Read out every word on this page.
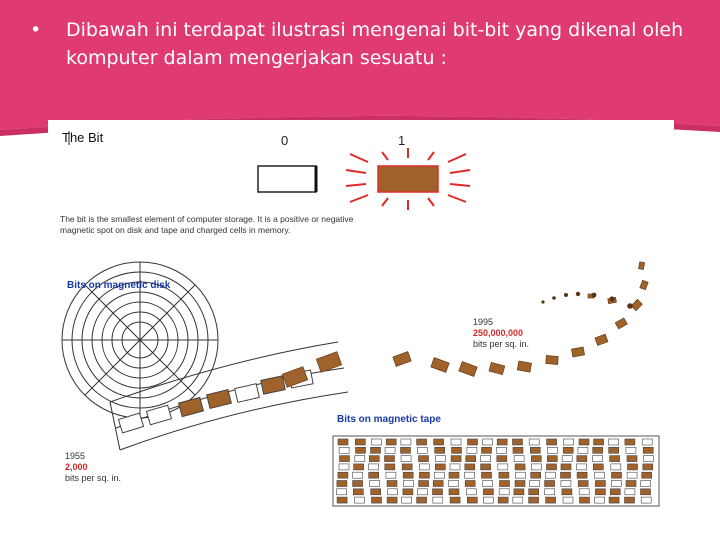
•	Dibawah ini terdapat ilustrasi mengenai bit-bit yang dikenal oleh komputer dalam mengerjakan sesuatu :
The Bit	0	1
The bit is the smallest element of computer storage. It is a positive or negative magnetic spot on disk and tape and charged cells in memory.
Bits on magnetic disk
Bits on magnetic tape
1995
250,000,000
bits per sq. in.
1955
2,000
bits per sq. in.
